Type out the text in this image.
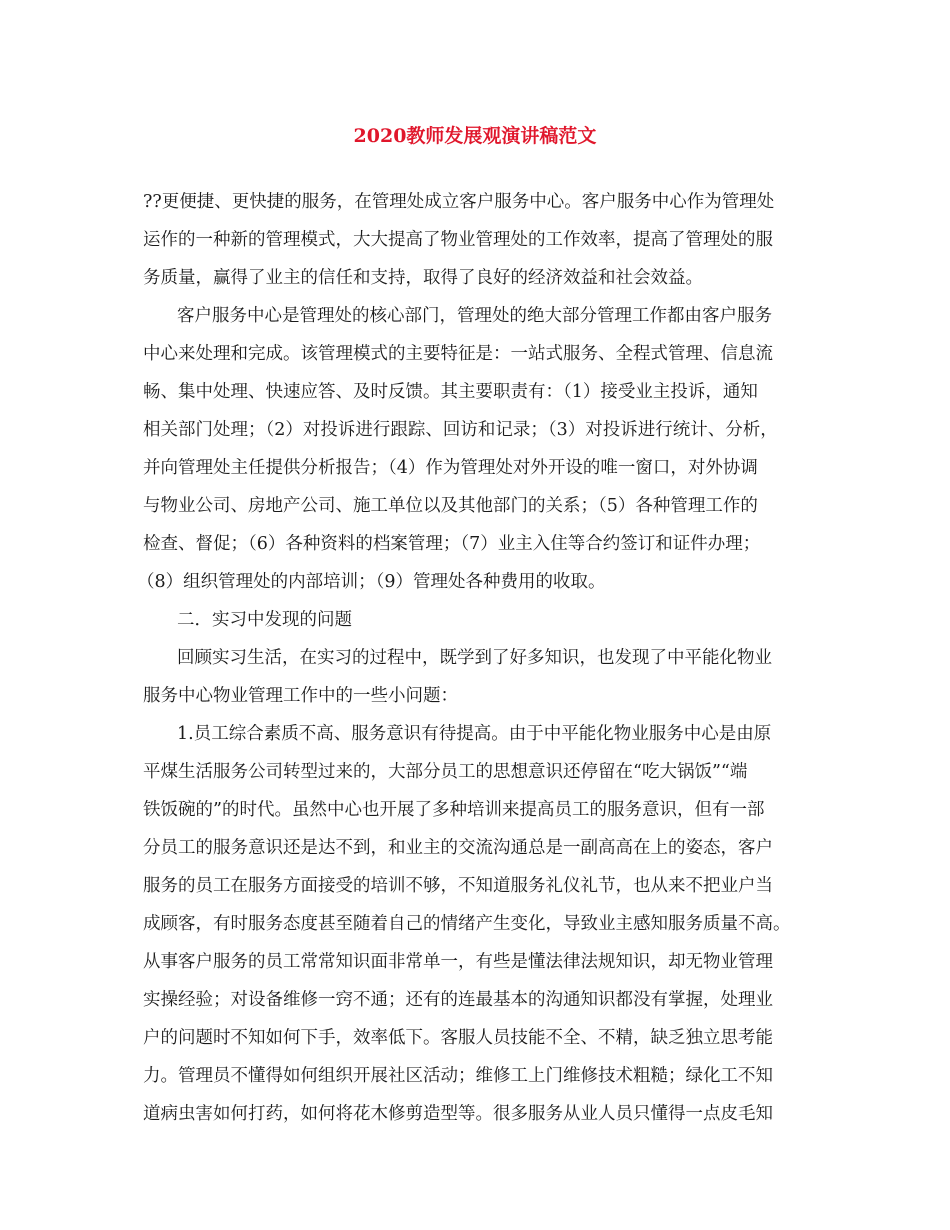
2020教师发展观演讲稿范文

??更便捷、更快捷的服务，在管理处成立客户服务中心。客户服务中心作为管理处

运作的一种新的管理模式，大大提高了物业管理处的工作效率，提高了管理处的服

务质量，赢得了业主的信任和支持，取得了良好的经济效益和社会效益。

客户服务中心是管理处的核心部门，管理处的绝大部分管理工作都由客户服务

中心来处理和完成。该管理模式的主要特征是：一站式服务、全程式管理、信息流

畅、集中处理、快速应答、及时反馈。其主要职责有：（1）接受业主投诉，通知

相关部门处理；（2）对投诉进行跟踪、回访和记录；（3）对投诉进行统计、分析，

并向管理处主任提供分析报告；（4）作为管理处对外开设的唯一窗口，对外协调

与物业公司、房地产公司、施工单位以及其他部门的关系；（5）各种管理工作的

检查、督促；（6）各种资料的档案管理；（7）业主入住等合约签订和证件办理；

（8）组织管理处的内部培训；（9）管理处各种费用的收取。

二．实习中发现的问题

回顾实习生活，在实习的过程中，既学到了好多知识，也发现了中平能化物业

服务中心物业管理工作中的一些小问题：

1.员工综合素质不高、服务意识有待提高。由于中平能化物业服务中心是由原

平煤生活服务公司转型过来的，大部分员工的思想意识还停留在“吃大锅饭”“端

铁饭碗的”的时代。虽然中心也开展了多种培训来提高员工的服务意识，但有一部

分员工的服务意识还是达不到，和业主的交流沟通总是一副高高在上的姿态，客户

服务的员工在服务方面接受的培训不够，不知道服务礼仪礼节，也从来不把业户当

成顾客，有时服务态度甚至随着自己的情绪产生变化，导致业主感知服务质量不高。

从事客户服务的员工常常知识面非常单一，有些是懂法律法规知识，却无物业管理

实操经验；对设备维修一窍不通；还有的连最基本的沟通知识都没有掌握，处理业

户的问题时不知如何下手，效率低下。客服人员技能不全、不精，缺乏独立思考能

力。管理员不懂得如何组织开展社区活动；维修工上门维修技术粗糙；绿化工不知

道病虫害如何打药，如何将花木修剪造型等。很多服务从业人员只懂得一点皮毛知
